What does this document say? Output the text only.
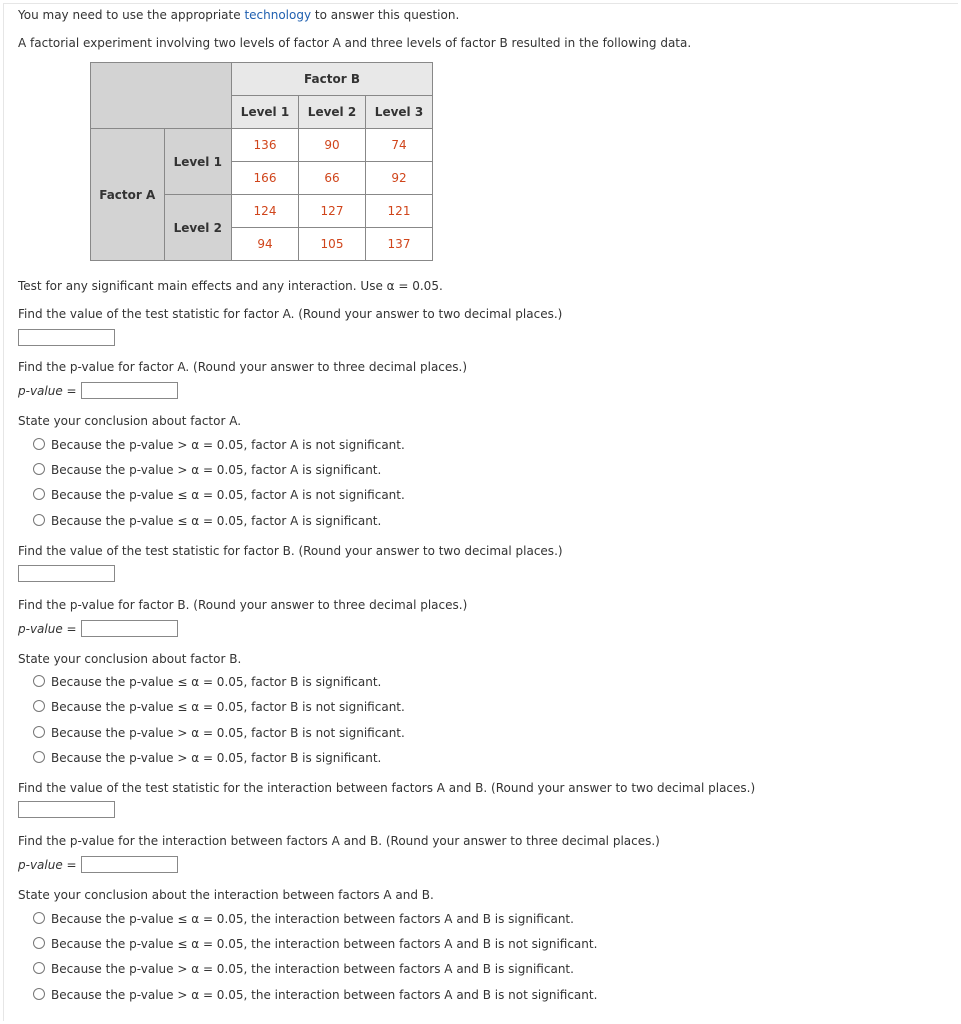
You may need to use the appropriate technology to answer this question.
A factorial experiment involving two levels of factor A and three levels of factor B resulted in the following data.
		Factor B		
		Level 1	Level 2	Level 3
Factor A	Level 1	136	90	74
		166	66	92
	Level 2	124	127	121
		94	105	137
Test for any significant main effects and any interaction. Use α = 0.05.
Find the value of the test statistic for factor A. (Round your answer to two decimal places.)
Find the p-value for factor A. (Round your answer to three decimal places.)
p-value =
State your conclusion about factor A.
Because the p-value > α = 0.05, factor A is not significant.
Because the p-value > α = 0.05, factor A is significant.
Because the p-value ≤ α = 0.05, factor A is not significant.
Because the p-value ≤ α = 0.05, factor A is significant.
Find the value of the test statistic for factor B. (Round your answer to two decimal places.)
Find the p-value for factor B. (Round your answer to three decimal places.)
p-value =
State your conclusion about factor B.
Because the p-value ≤ α = 0.05, factor B is significant.
Because the p-value ≤ α = 0.05, factor B is not significant.
Because the p-value > α = 0.05, factor B is not significant.
Because the p-value > α = 0.05, factor B is significant.
Find the value of the test statistic for the interaction between factors A and B. (Round your answer to two decimal places.)
Find the p-value for the interaction between factors A and B. (Round your answer to three decimal places.)
p-value =
State your conclusion about the interaction between factors A and B.
Because the p-value ≤ α = 0.05, the interaction between factors A and B is significant.
Because the p-value ≤ α = 0.05, the interaction between factors A and B is not significant.
Because the p-value > α = 0.05, the interaction between factors A and B is significant.
Because the p-value > α = 0.05, the interaction between factors A and B is not significant.
